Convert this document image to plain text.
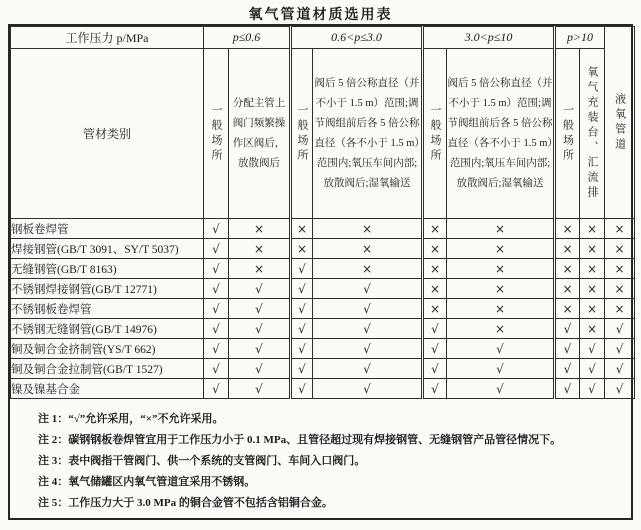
氧气管道材质选用表
工作压力 p/MPa	p≤0.6		0.6<p≤3.0		3.0<p≤10		p>10		液氧管道

管材类别	一般场所	分配主管上阀门频繁操作区阀后，放散阀后	一般场所	阀后 5 倍公称直径（并不小于 1.5 m）范围;调节阀组前后各 5 倍公称直径（各不小于 1.5 m）范围内;氧压车间内部;放散阀后;湿氧输送	一般场所	阀后 5 倍公称直径（并不小于 1.5 m）范围;调节阀组前后各 5 倍公称直径（各不小于 1.5 m）范围内;氧压车间内部;放散阀后;湿氧输送	一般场所	氧气充装台、汇流排	

钢板卷焊管	√	×	×	×	×	×	×	×	×
焊接钢管(GB/T 3091、SY/T 5037)	√	×	×	×	×	×	×	×	×
无缝钢管(GB/T 8163)	√	×	√	×	×	×	×	×	×
不锈钢焊接钢管(GB/T 12771)	√	√	√	√	×	×	×	×	×
不锈钢板卷焊管	√	√	√	√	×	×	×	×	×
不锈钢无缝钢管(GB/T 14976)	√	√	√	√	√	×	√	×	√
铜及铜合金挤制管(YS/T 662)	√	√	√	√	√	√	√	√	√
铜及铜合金拉制管(GB/T 1527)	√	√	√	√	√	√	√	√	√
镍及镍基合金	√	√	√	√	√	√	√	√	√
注 1：“√”允许采用，“×”不允许采用。
注 2：碳钢钢板卷焊管宜用于工作压力小于 0.1 MPa、且管径超过现有焊接钢管、无缝钢管产品管径情况下。
注 3：表中阀指干管阀门、供一个系统的支管阀门、车间入口阀门。
注 4：氧气储罐区内氧气管道宜采用不锈钢。
注 5：工作压力大于 3.0 MPa 的铜合金管不包括含铝铜合金。
